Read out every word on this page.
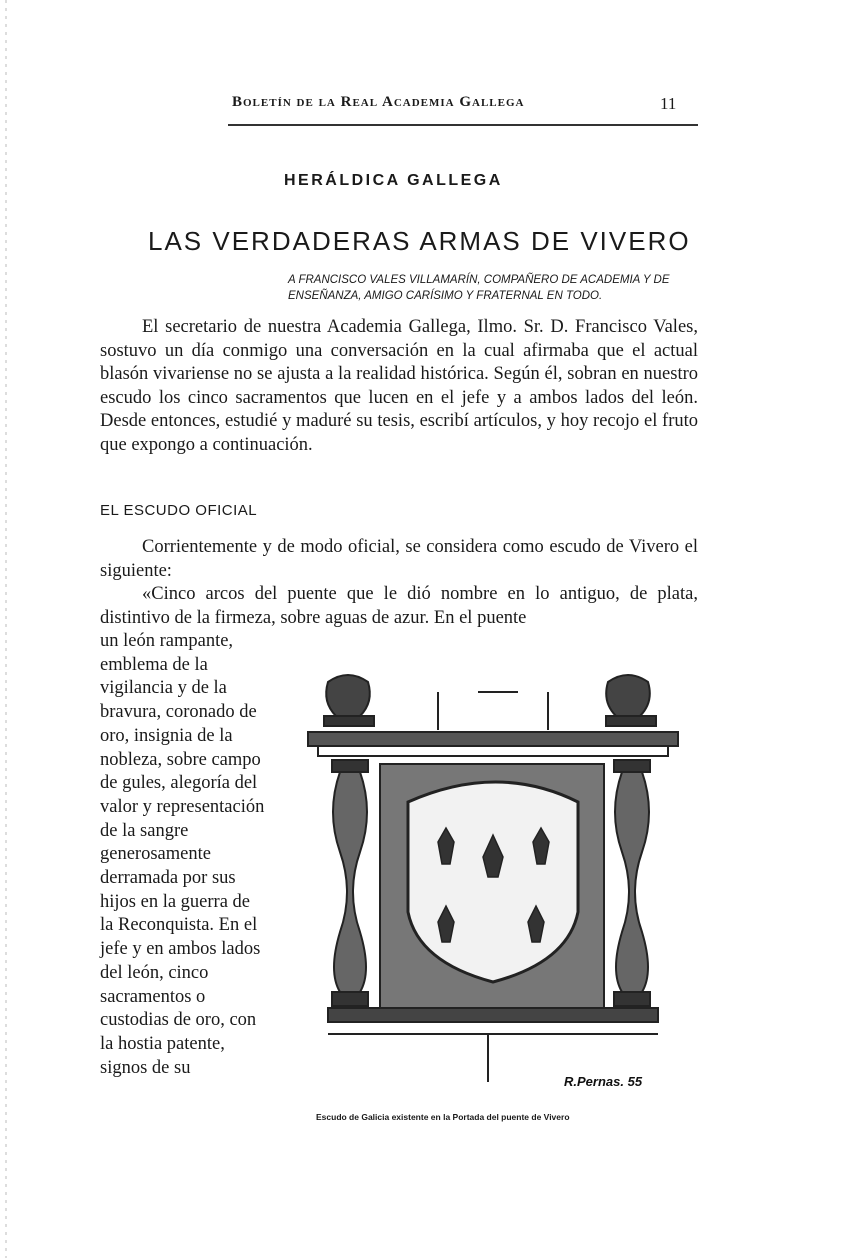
Boletín de la Real Academia Gallega	11
HERÁLDICA GALLEGA
LAS VERDADERAS ARMAS DE VIVERO
A FRANCISCO VALES VILLAMARÍN, COMPAÑERO DE ACADEMIA Y DE ENSEÑANZA, AMIGO CARÍSIMO Y FRATERNAL EN TODO.

El secretario de nuestra Academia Gallega, Ilmo. Sr. D. Francisco Vales, sostuvo un día conmigo una conversación en la cual afirmaba que el actual blasón vivariense no se ajusta a la realidad histórica. Según él, sobran en nuestro escudo los cinco sacramentos que lucen en el jefe y a ambos lados del león. Desde entonces, estudié y maduré su tesis, escribí artículos, y hoy recojo el fruto que expongo a continuación.

EL ESCUDO OFICIAL

Corrientemente y de modo oficial, se considera como escudo de Vivero el siguiente:

«Cinco arcos del puente que le dió nombre en lo antiguo, de plata, distintivo de la firmeza, sobre aguas de azur. En el puente

un león rampante, emblema de la vigilancia y de la bravura, coronado de oro, insignia de la nobleza, sobre campo de gules, alegoría del valor y representación de la sangre generosamente derramada por sus hijos en la guerra de la Reconquista. En el jefe y en ambos lados del león, cinco sacramentos o custodias de oro, con la hostia patente, signos de su
R.Pernas. 55
Escudo de Galicia existente en la Portada del puente de Vivero
